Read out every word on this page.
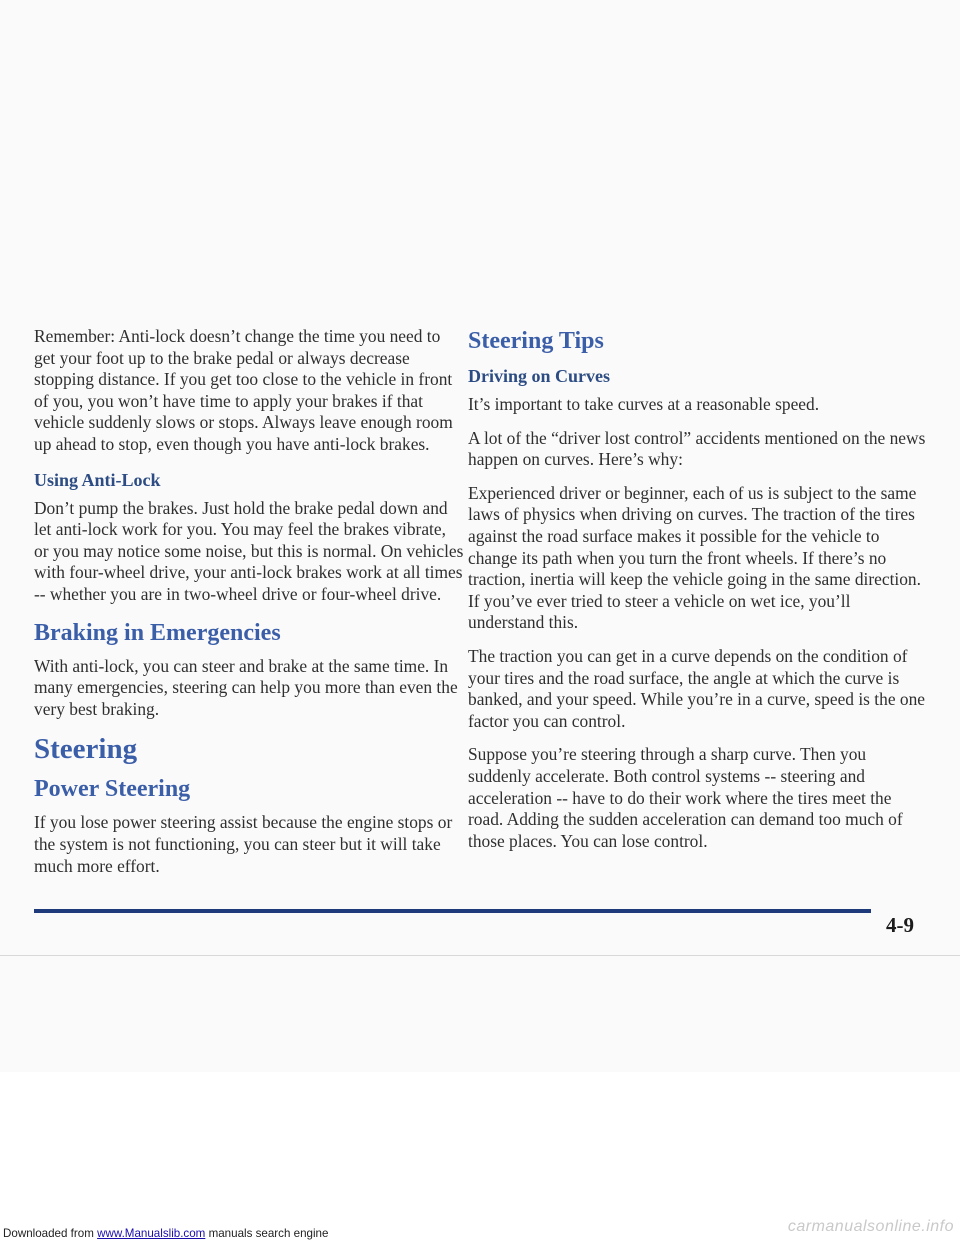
Remember: Anti-lock doesn’t change the time you need to get your foot up to the brake pedal or always decrease stopping distance. If you get too close to the vehicle in front of you, you won’t have time to apply your brakes if that vehicle suddenly slows or stops. Always leave enough room up ahead to stop, even though you have anti-lock brakes.

Using Anti-Lock

Don’t pump the brakes. Just hold the brake pedal down and let anti-lock work for you. You may feel the brakes vibrate, or you may notice some noise, but this is normal. On vehicles with four-wheel drive, your anti-lock brakes work at all times -- whether you are in two-wheel drive or four-wheel drive.

Braking in Emergencies

With anti-lock, you can steer and brake at the same time. In many emergencies, steering can help you more than even the very best braking.

Steering
Power Steering

If you lose power steering assist because the engine stops or the system is not functioning, you can steer but it will take much more effort.

Steering Tips
Driving on Curves

It’s important to take curves at a reasonable speed.

A lot of the “driver lost control” accidents mentioned on the news happen on curves. Here’s why:

Experienced driver or beginner, each of us is subject to the same laws of physics when driving on curves. The traction of the tires against the road surface makes it possible for the vehicle to change its path when you turn the front wheels. If there’s no traction, inertia will keep the vehicle going in the same direction. If you’ve ever tried to steer a vehicle on wet ice, you’ll understand this.

The traction you can get in a curve depends on the condition of your tires and the road surface, the angle at which the curve is banked, and your speed. While you’re in a curve, speed is the one factor you can control.

Suppose you’re steering through a sharp curve. Then you suddenly accelerate. Both control systems -- steering and acceleration -- have to do their work where the tires meet the road. Adding the sudden acceleration can demand too much of those places. You can lose control.

4-9
Downloaded from www.Manualslib.com manuals search engine	carmanualsonline.info
